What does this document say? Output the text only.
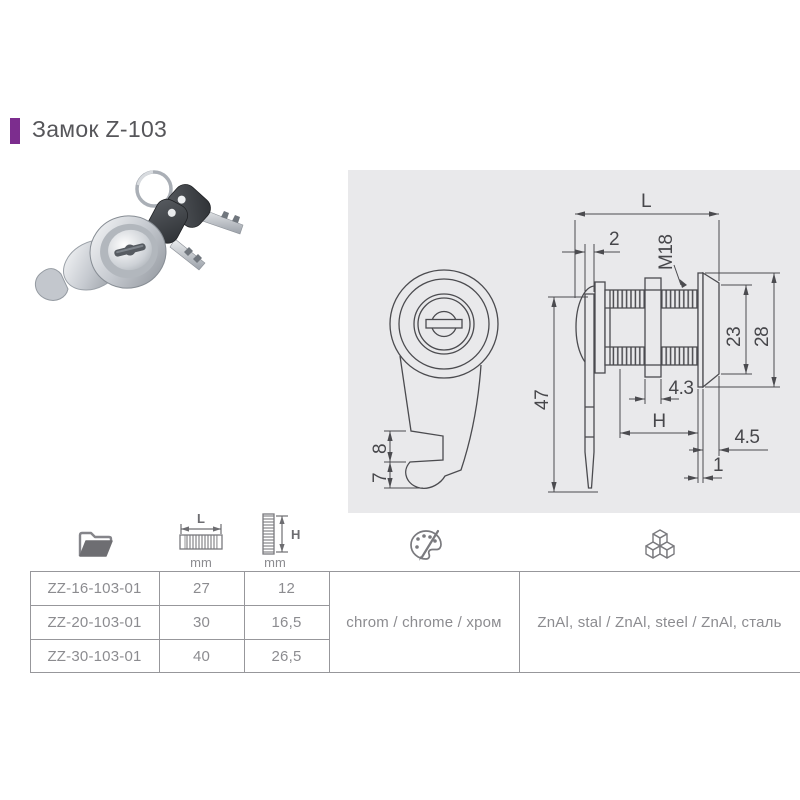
Замок Z-103
L
2 M18
47
23 28
4.3
H
4.5
1
8
7
L
mm
H
mm
ZZ-16-103-01	27	12
ZZ-20-103-01	30	16,5
ZZ-30-103-01	40	26,5
chrom / chrome / хром	ZnAl, stal / ZnAl, steel / ZnAl, сталь
